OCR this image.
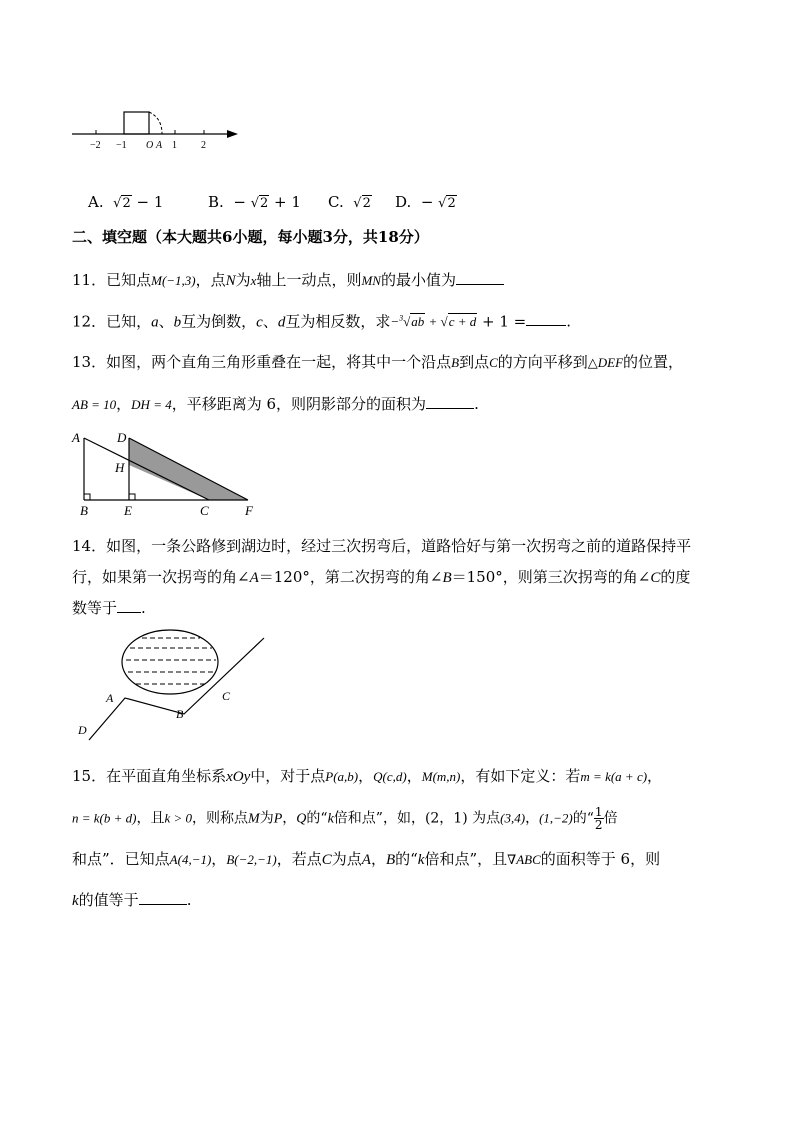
−2 −1 O A 1 2
A. √2 − 1	B. − √2 + 1 C. √2 D. − √2
二、填空题（本大题共6小题，每小题3分，共18分）
11．已知点M(−1,3)，点N为x轴上一动点，则MN的最小值为
12．已知，a、b互为倒数，c、d互为相反数，求−$^3$√ab + √c + d + 1 =	.
13．如图，两个直角三角形重叠在一起，将其中一个沿点B到点C的方向平移到△DEF的位置，
AB = 10，DH = 4，平移距离为 6，则阴影部分的面积为	.
A	D
H
B	E	C	F
14．如图，一条公路修到湖边时，经过三次拐弯后，道路恰好与第一次拐弯之前的道路保持平
行，如果第一次拐弯的角∠A＝120°，第二次拐弯的角∠B＝150°，则第三次拐弯的角∠C的度
数等于 .
A
B
C
D
15．在平面直角坐标系xOy中，对于点P(a,b)，Q(c,d)，M(m,n)，有如下定义：若m = k(a + c)，
n = k(b + d)，且k > 0，则称点M为P，Q的“k倍和点”，如，(2，1) 为点(3,4)，(1,−2)的“ $\frac{1}{2}$ 倍
和点”．已知点A(4,−1)，B(−2,−1)，若点C为点A，B的“k倍和点”，且∇ABC的面积等于 6，则
k的值等于	.
